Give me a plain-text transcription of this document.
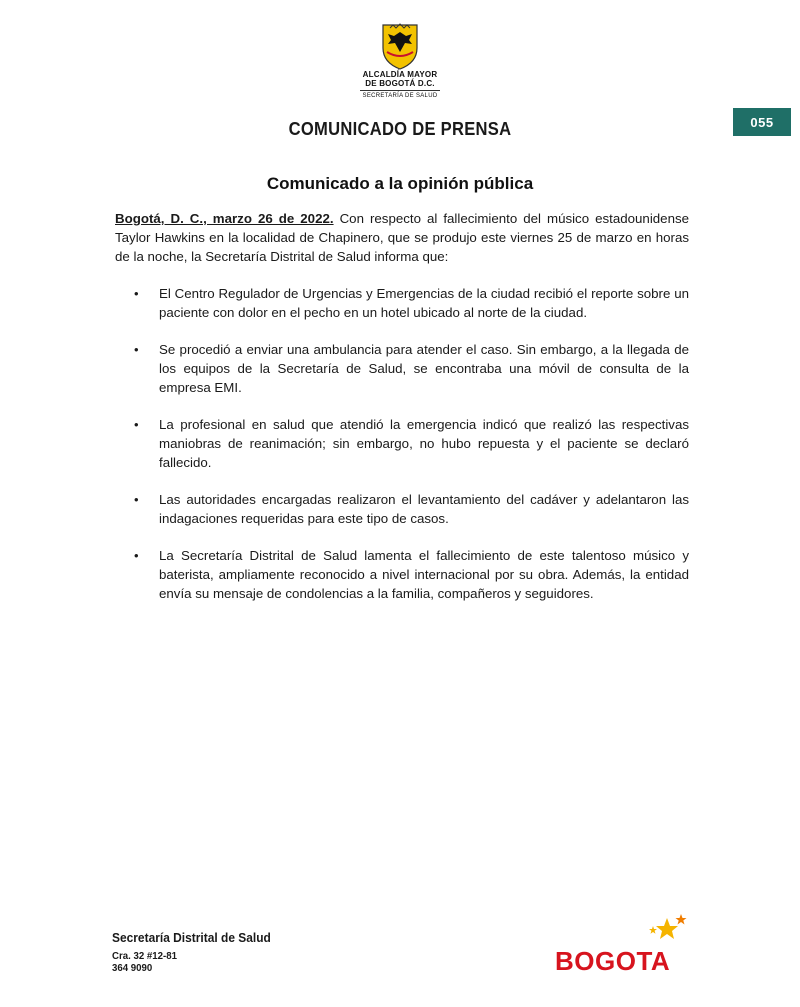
ALCALDÍA MAYOR
DE BOGOTÁ D.C.
SECRETARÍA DE SALUD
055
COMUNICADO DE PRENSA
Comunicado a la opinión pública

Bogotá, D. C., marzo 26 de 2022. Con respecto al fallecimiento del músico estadounidense Taylor Hawkins en la localidad de Chapinero, que se produjo este viernes 25 de marzo en horas de la noche, la Secretaría Distrital de Salud informa que:

• El Centro Regulador de Urgencias y Emergencias de la ciudad recibió el reporte sobre un paciente con dolor en el pecho en un hotel ubicado al norte de la ciudad.
• Se procedió a enviar una ambulancia para atender el caso. Sin embargo, a la llegada de los equipos de la Secretaría de Salud, se encontraba una móvil de consulta de la empresa EMI.
• La profesional en salud que atendió la emergencia indicó que realizó las respectivas maniobras de reanimación; sin embargo, no hubo repuesta y el paciente se declaró fallecido.
• Las autoridades encargadas realizaron el levantamiento del cadáver y adelantaron las indagaciones requeridas para este tipo de casos.
• La Secretaría Distrital de Salud lamenta el fallecimiento de este talentoso músico y baterista, ampliamente reconocido a nivel internacional por su obra. Además, la entidad envía su mensaje de condolencias a la familia, compañeros y seguidores.
Secretaría Distrital de Salud
Cra. 32 #12-81
364 9090	BOGOTA
